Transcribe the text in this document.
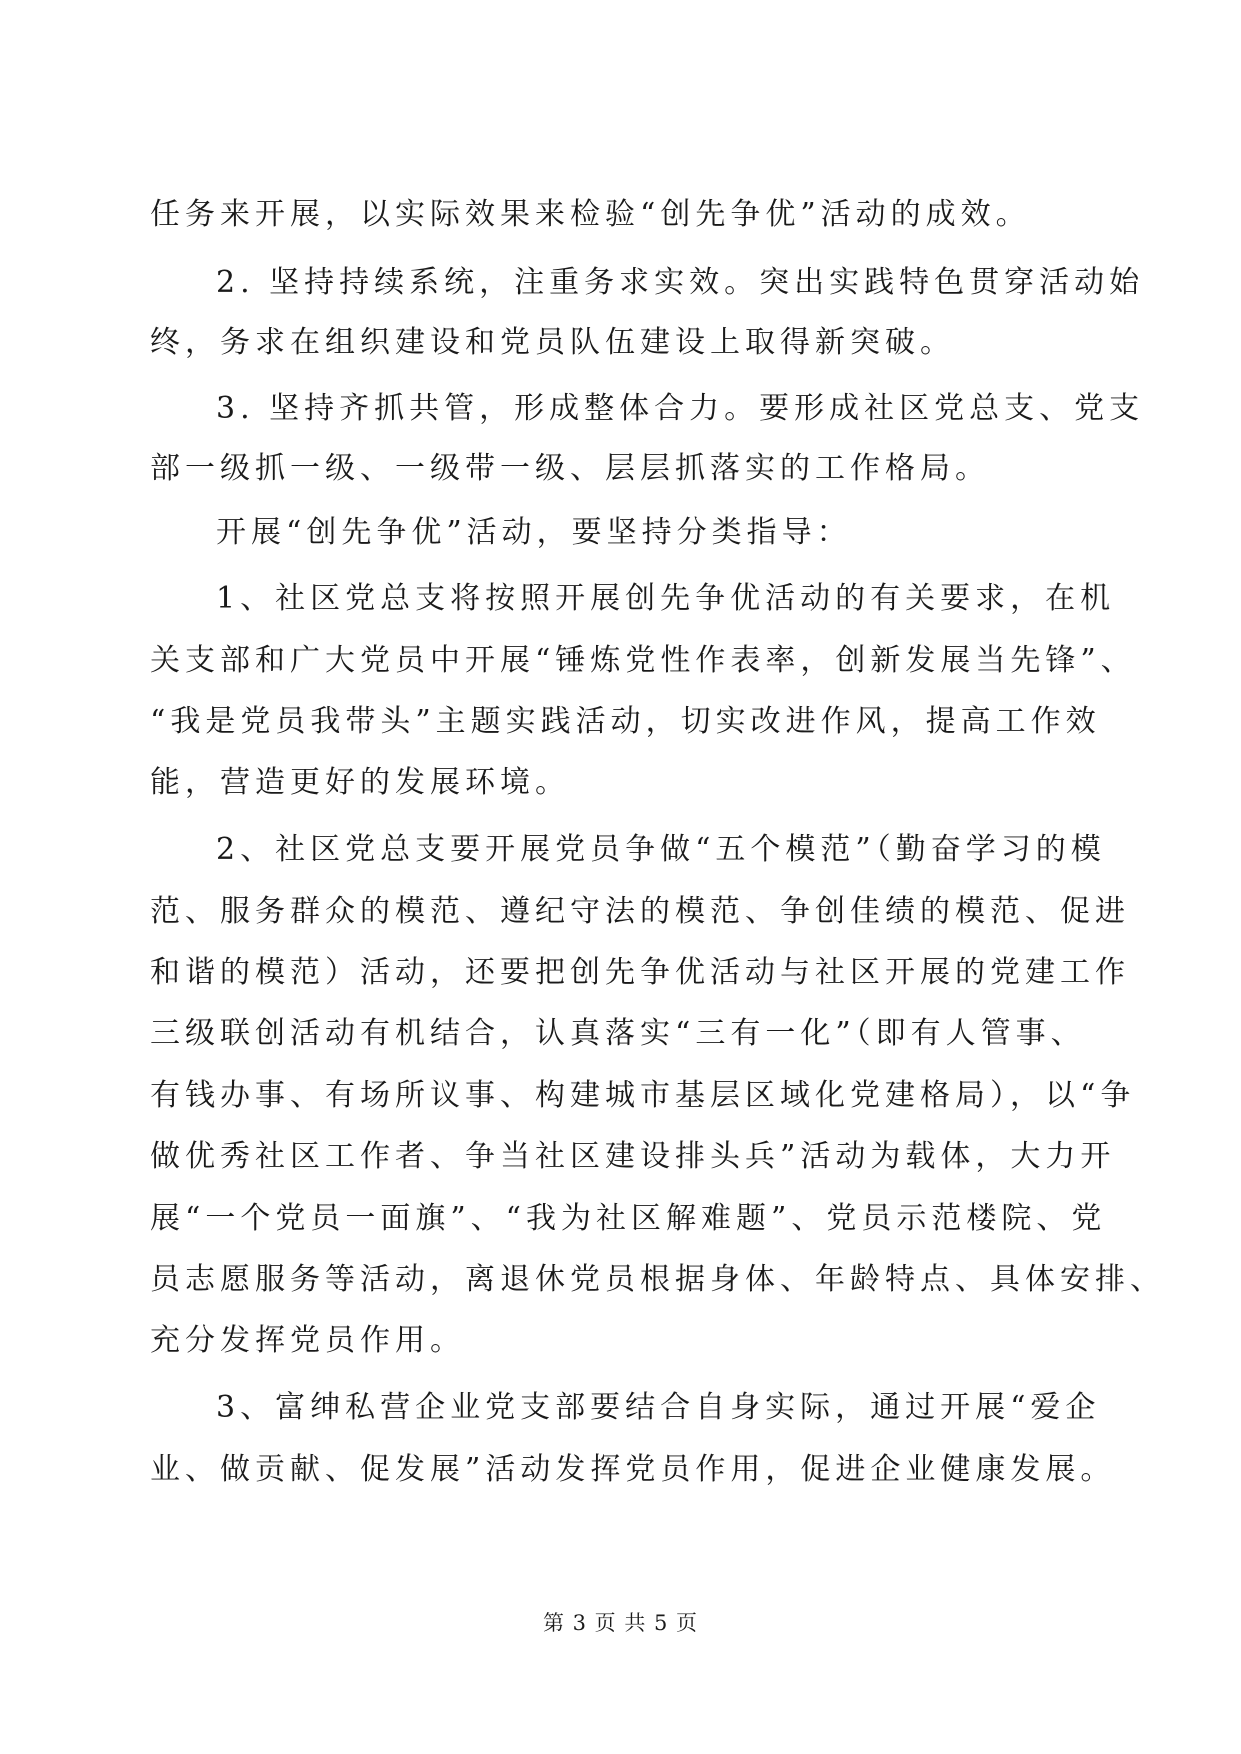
任务来开展，以实际效果来检验“创先争优”活动的成效。

2. 坚持持续系统，注重务求实效。突出实践特色贯穿活动始

终，务求在组织建设和党员队伍建设上取得新突破。

3. 坚持齐抓共管，形成整体合力。要形成社区党总支、党支

部一级抓一级、一级带一级、层层抓落实的工作格局。

开展“创先争优”活动，要坚持分类指导：

1、社区党总支将按照开展创先争优活动的有关要求，在机

关支部和广大党员中开展“锤炼党性作表率，创新发展当先锋”、

“我是党员我带头”主题实践活动，切实改进作风，提高工作效

能，营造更好的发展环境。

2、社区党总支要开展党员争做“五个模范”（勤奋学习的模

范、服务群众的模范、遵纪守法的模范、争创佳绩的模范、促进

和谐的模范）活动，还要把创先争优活动与社区开展的党建工作

三级联创活动有机结合，认真落实“三有一化”（即有人管事、

有钱办事、有场所议事、构建城市基层区域化党建格局），以“争

做优秀社区工作者、争当社区建设排头兵”活动为载体，大力开

展“一个党员一面旗”、“我为社区解难题”、党员示范楼院、党

员志愿服务等活动，离退休党员根据身体、年龄特点、具体安排、

充分发挥党员作用。

3、富绅私营企业党支部要结合自身实际，通过开展“爱企

业、做贡献、促发展”活动发挥党员作用，促进企业健康发展。

第 3 页 共 5 页
